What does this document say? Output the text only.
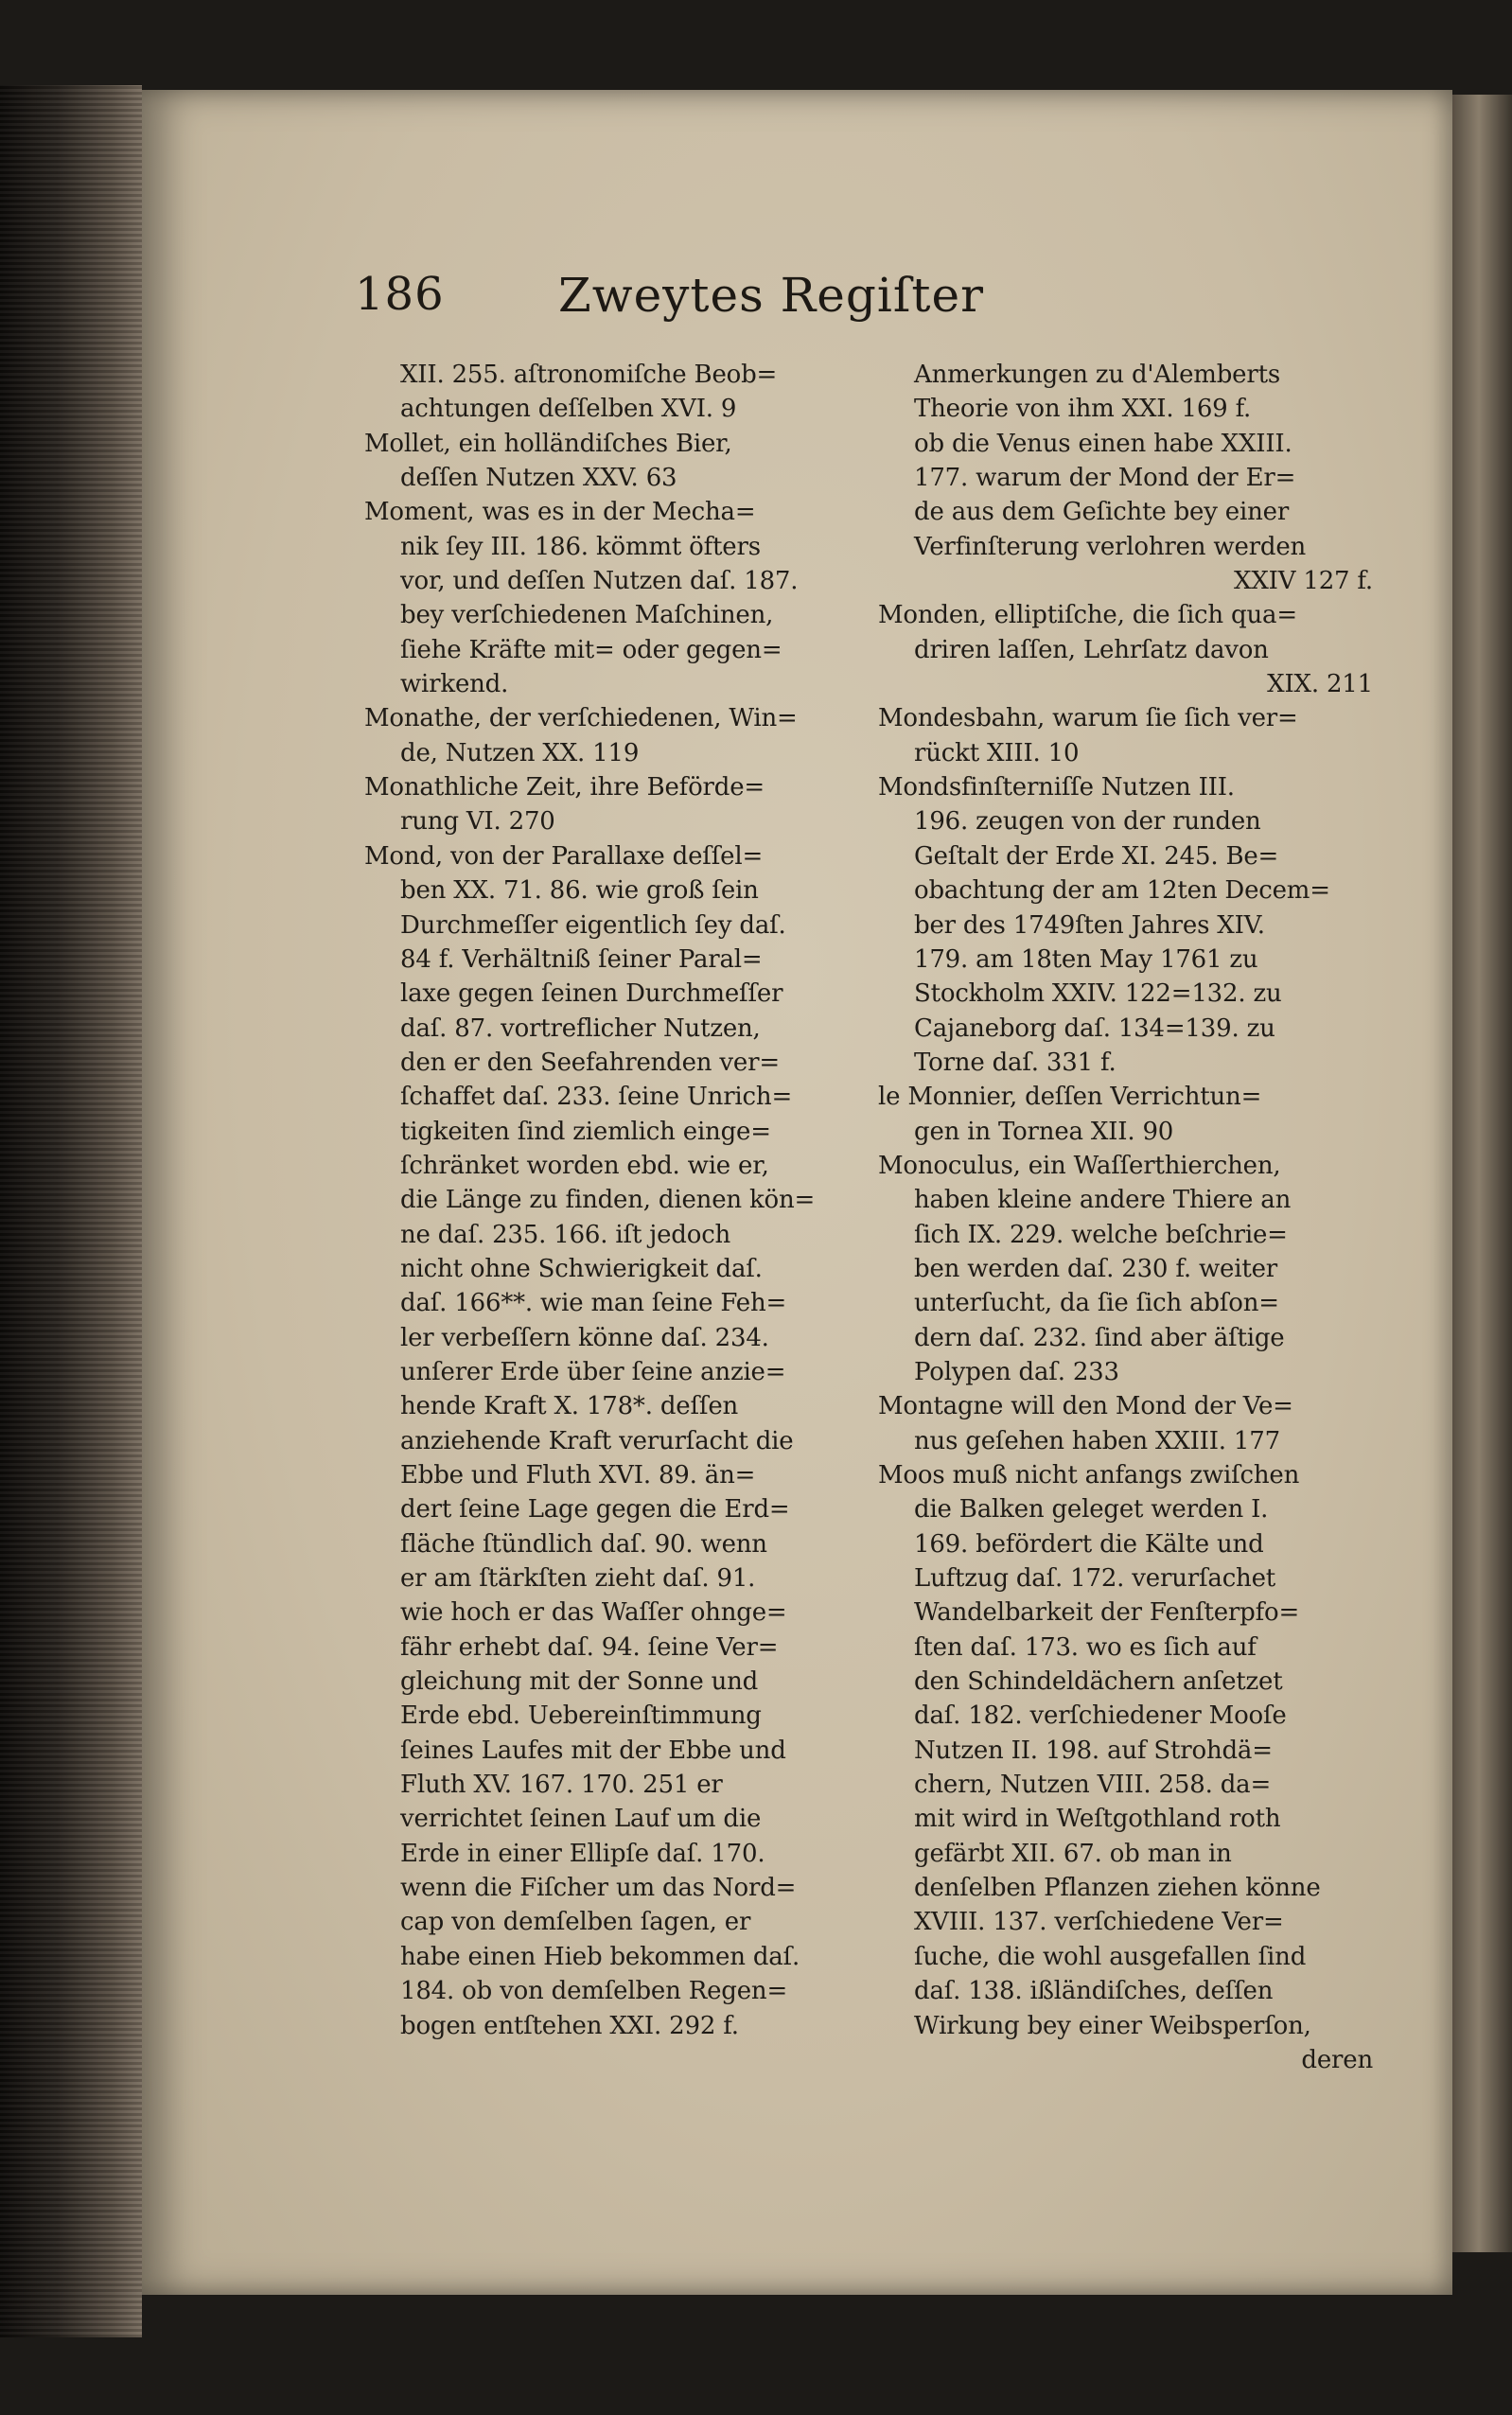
186	Zweytes Regiſter
XII. 255. aſtronomiſche Beob=
achtungen deſſelben XVI. 9
Mollet, ein holländiſches Bier,
deſſen Nutzen XXV. 63
Moment, was es in der Mecha=
nik ſey III. 186. kömmt öfters
vor, und deſſen Nutzen daſ. 187.
bey verſchiedenen Maſchinen,
ſiehe Kräfte mit= oder gegen=
wirkend.
Monathe, der verſchiedenen, Win=
de, Nutzen XX. 119
Monathliche Zeit, ihre Beförde=
rung VI. 270
Mond, von der Parallaxe deſſel=
ben XX. 71. 86. wie groß ſein
Durchmeſſer eigentlich ſey daſ.
84 f. Verhältniß ſeiner Paral=
laxe gegen ſeinen Durchmeſſer
daſ. 87. vortreflicher Nutzen,
den er den Seefahrenden ver=
ſchaffet daſ. 233. ſeine Unrich=
tigkeiten ſind ziemlich einge=
ſchränket worden ebd. wie er,
die Länge zu finden, dienen kön=
ne daſ. 235. 166. iſt jedoch
nicht ohne Schwierigkeit daſ.
daſ. 166**. wie man ſeine Feh=
ler verbeſſern könne daſ. 234.
unſerer Erde über ſeine anzie=
hende Kraft X. 178*. deſſen
anziehende Kraft verurſacht die
Ebbe und Fluth XVI. 89. än=
dert ſeine Lage gegen die Erd=
fläche ſtündlich daſ. 90. wenn
er am ſtärkſten zieht daſ. 91.
wie hoch er das Waſſer ohnge=
fähr erhebt daſ. 94. ſeine Ver=
gleichung mit der Sonne und
Erde ebd. Uebereinſtimmung
ſeines Laufes mit der Ebbe und
Fluth XV. 167. 170. 251 er
verrichtet ſeinen Lauf um die
Erde in einer Ellipſe daſ. 170.
wenn die Fiſcher um das Nord=
cap von demſelben ſagen, er
habe einen Hieb bekommen daſ.
184. ob von demſelben Regen=
bogen entſtehen XXI. 292 f.
Anmerkungen zu d'Alemberts
Theorie von ihm XXI. 169 f.
ob die Venus einen habe XXIII.
177. warum der Mond der Er=
de aus dem Geſichte bey einer
Verfinſterung verlohren werden
XXIV 127 f.
Monden, elliptiſche, die ſich qua=
driren laſſen, Lehrſatz davon
XIX. 211
Mondesbahn, warum ſie ſich ver=
rückt XIII. 10
Mondsfinſterniſſe Nutzen III.
196. zeugen von der runden
Geſtalt der Erde XI. 245. Be=
obachtung der am 12ten Decem=
ber des 1749ſten Jahres XIV.
179. am 18ten May 1761 zu
Stockholm XXIV. 122=132. zu
Cajaneborg daſ. 134=139. zu
Torne daſ. 331 f.
le Monnier, deſſen Verrichtun=
gen in Tornea XII. 90
Monoculus, ein Waſſerthierchen,
haben kleine andere Thiere an
ſich IX. 229. welche beſchrie=
ben werden daſ. 230 f. weiter
unterſucht, da ſie ſich abſon=
dern daſ. 232. ſind aber äſtige
Polypen daſ. 233
Montagne will den Mond der Ve=
nus geſehen haben XXIII. 177
Moos muß nicht anfangs zwiſchen
die Balken geleget werden I.
169. befördert die Kälte und
Luftzug daſ. 172. verurſachet
Wandelbarkeit der Fenſterpfo=
ſten daſ. 173. wo es ſich auf
den Schindeldächern anſetzet
daſ. 182. verſchiedener Mooſe
Nutzen II. 198. auf Strohdä=
chern, Nutzen VIII. 258. da=
mit wird in Weſtgothland roth
gefärbt XII. 67. ob man in
denſelben Pflanzen ziehen könne
XVIII. 137. verſchiedene Ver=
ſuche, die wohl ausgefallen ſind
daſ. 138. ißländiſches, deſſen
Wirkung bey einer Weibsperſon,
deren
